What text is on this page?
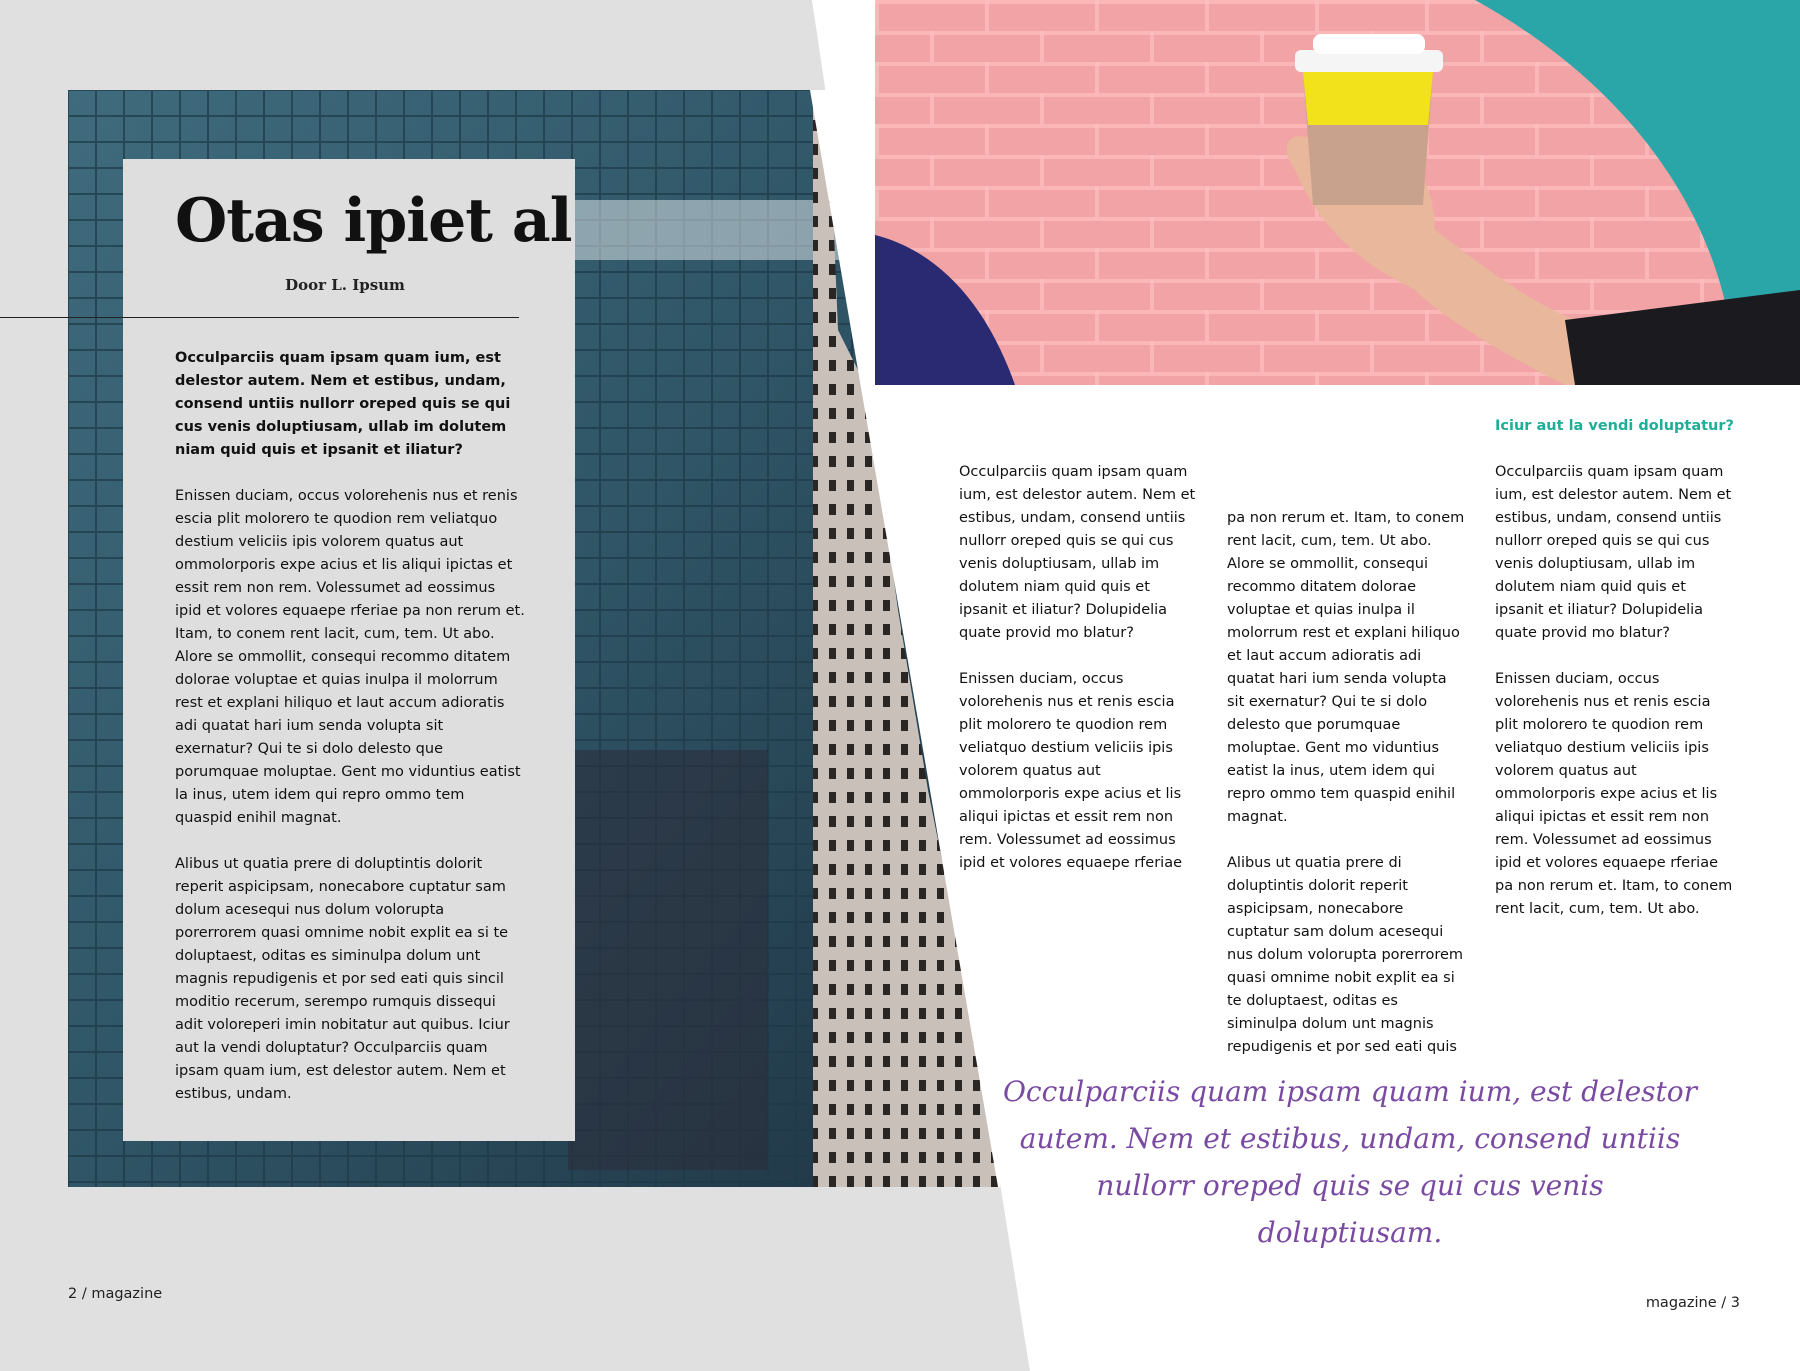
Otas ipiet al
Door L. Ipsum
Occulparciis quam ipsam quam ium, est delestor autem. Nem et estibus, undam, consend untiis nullorr oreped quis se qui cus venis doluptiusam, ullab im dolutem niam quid quis et ipsanit et iliatur?

Enissen duciam, occus volorehenis nus et renis escia plit molorero te quodion rem veliatquo destium veliciis ipis volorem quatus aut ommolorporis expe acius et lis aliqui ipictas et essit rem non rem. Volessumet ad eossimus ipid et volores equaepe rferiae pa non rerum et. Itam, to conem rent lacit, cum, tem. Ut abo. Alore se ommollit, consequi recommo ditatem dolorae voluptae et quias inulpa il molorrum rest et explani hiliquo et laut accum adioratis adi quatat hari ium senda volupta sit exernatur? Qui te si dolo delesto que porumquae moluptae. Gent mo viduntius eatist la inus, utem idem qui repro ommo tem quaspid enihil magnat.

Alibus ut quatia prere di doluptintis dolorit reperit aspicipsam, nonecabore cuptatur sam dolum acesequi nus dolum volorupta porerrorem quasi omnime nobit explit ea si te doluptaest, oditas es siminulpa dolum unt magnis repudigenis et por sed eati quis sincil moditio recerum, serempo rumquis dissequi adit voloreperi imin nobitatur aut quibus. Iciur aut la vendi doluptatur? Occulparciis quam ipsam quam ium, est delestor autem. Nem et estibus, undam.

Occulparciis quam ipsam quam ium, est delestor autem. Nem et estibus, undam, consend untiis nullorr oreped quis se qui cus venis doluptiusam, ullab im dolutem niam quid quis et ipsanit et iliatur? Dolupidelia quate provid mo blatur?

Enissen duciam, occus volorehenis nus et renis escia plit molorero te quodion rem veliatquo destium veliciis ipis volorem quatus aut ommolorporis expe acius et lis aliqui ipictas et essit rem non rem. Volessumet ad eossimus ipid et volores equaepe rferiae

pa non rerum et. Itam, to conem rent lacit, cum, tem. Ut abo. Alore se ommollit, consequi recommo ditatem dolorae voluptae et quias inulpa il molorrum rest et explani hiliquo et laut accum adioratis adi quatat hari ium senda volupta sit exernatur? Qui te si dolo delesto que porumquae moluptae. Gent mo viduntius eatist la inus, utem idem qui repro ommo tem quaspid enihil magnat.

Alibus ut quatia prere di doluptintis dolorit reperit aspicipsam, nonecabore cuptatur sam dolum acesequi nus dolum volorupta porerrorem quasi omnime nobit explit ea si te doluptaest, oditas es siminulpa dolum unt magnis repudigenis et por sed eati quis

Iciur aut la vendi doluptatur?

Occulparciis quam ipsam quam ium, est delestor autem. Nem et estibus, undam, consend untiis nullorr oreped quis se qui cus venis doluptiusam, ullab im dolutem niam quid quis et ipsanit et iliatur? Dolupidelia quate provid mo blatur?

Enissen duciam, occus volorehenis nus et renis escia plit molorero te quodion rem veliatquo destium veliciis ipis volorem quatus aut ommolorporis expe acius et lis aliqui ipictas et essit rem non rem. Volessumet ad eossimus ipid et volores equaepe rferiae pa non rerum et. Itam, to conem rent lacit, cum, tem. Ut abo.

Occulparciis quam ipsam quam ium, est delestor autem. Nem et estibus, undam, consend untiis nullorr oreped quis se qui cus venis doluptiusam.
2 / magazine
magazine / 3
